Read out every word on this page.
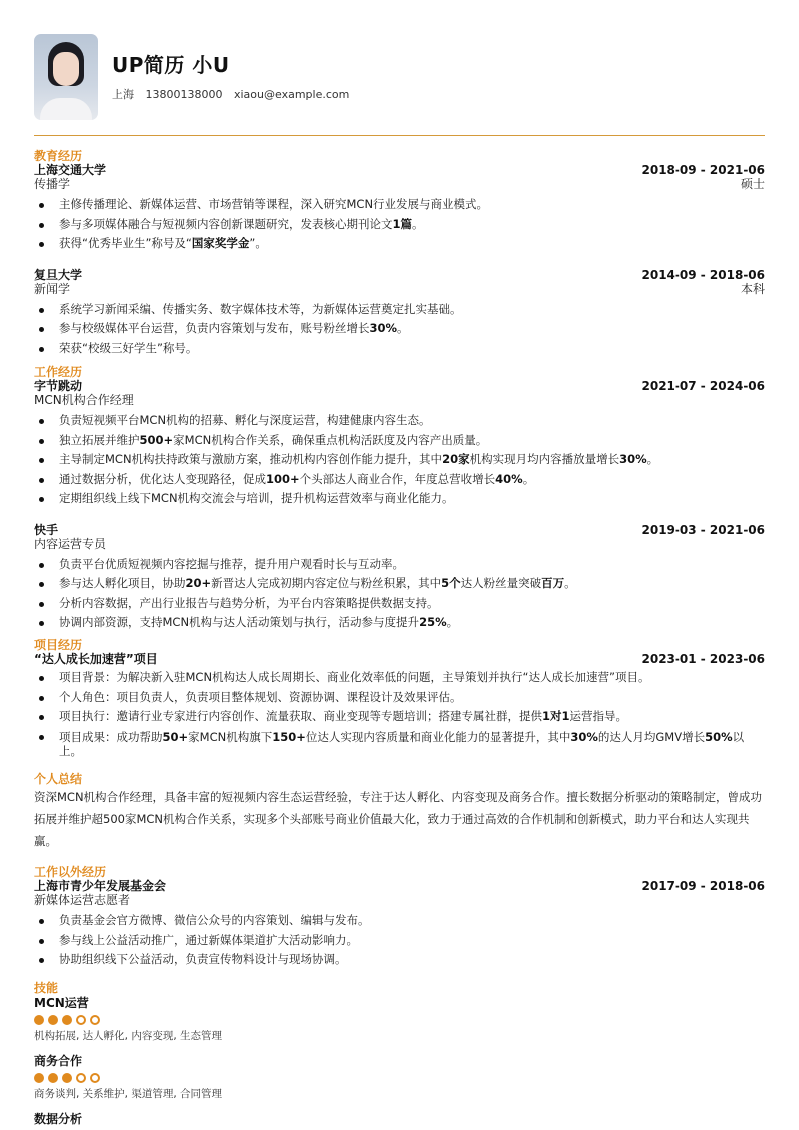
UP简历 小U
上海 13800138000 xiaou@example.com
教育经历
上海交通大学	2018-09 - 2021-06
传播学	硕士
主修传播理论、新媒体运营、市场营销等课程，深入研究MCN行业发展与商业模式。
参与多项媒体融合与短视频内容创新课题研究，发表核心期刊论文1篇。
获得“优秀毕业生”称号及“国家奖学金”。
复旦大学	2014-09 - 2018-06
新闻学	本科
系统学习新闻采编、传播实务、数字媒体技术等，为新媒体运营奠定扎实基础。
参与校级媒体平台运营，负责内容策划与发布，账号粉丝增长30%。
荣获“校级三好学生”称号。
工作经历
字节跳动	2021-07 - 2024-06
MCN机构合作经理
负责短视频平台MCN机构的招募、孵化与深度运营，构建健康内容生态。
独立拓展并维护500+家MCN机构合作关系，确保重点机构活跃度及内容产出质量。
主导制定MCN机构扶持政策与激励方案，推动机构内容创作能力提升，其中20家机构实现月均内容播放量增长30%。
通过数据分析，优化达人变现路径，促成100+个头部达人商业合作，年度总营收增长40%。
定期组织线上线下MCN机构交流会与培训，提升机构运营效率与商业化能力。
快手	2019-03 - 2021-06
内容运营专员
负责平台优质短视频内容挖掘与推荐，提升用户观看时长与互动率。
参与达人孵化项目，协助20+新晋达人完成初期内容定位与粉丝积累，其中5个达人粉丝量突破百万。
分析内容数据，产出行业报告与趋势分析，为平台内容策略提供数据支持。
协调内部资源，支持MCN机构与达人活动策划与执行，活动参与度提升25%。
项目经历
“达人成长加速营”项目	2023-01 - 2023-06
项目背景：为解决新入驻MCN机构达人成长周期长、商业化效率低的问题，主导策划并执行“达人成长加速营”项目。
个人角色：项目负责人，负责项目整体规划、资源协调、课程设计及效果评估。
项目执行：邀请行业专家进行内容创作、流量获取、商业变现等专题培训；搭建专属社群，提供1对1运营指导。
项目成果：成功帮助50+家MCN机构旗下150+位达人实现内容质量和商业化能力的显著提升，其中30%的达人月均GMV增长50%以上。
个人总结
资深MCN机构合作经理，具备丰富的短视频内容生态运营经验，专注于达人孵化、内容变现及商务合作。擅长数据分析驱动的策略制定，曾成功拓展并维护超500家MCN机构合作关系，实现多个头部账号商业价值最大化，致力于通过高效的合作机制和创新模式，助力平台和达人实现共赢。
工作以外经历
上海市青少年发展基金会	2017-09 - 2018-06
新媒体运营志愿者
负责基金会官方微博、微信公众号的内容策划、编辑与发布。
参与线上公益活动推广，通过新媒体渠道扩大活动影响力。
协助组织线下公益活动，负责宣传物料设计与现场协调。
技能
MCN运营
机构拓展, 达人孵化, 内容变现, 生态管理
商务合作
商务谈判, 关系维护, 渠道管理, 合同管理
数据分析
